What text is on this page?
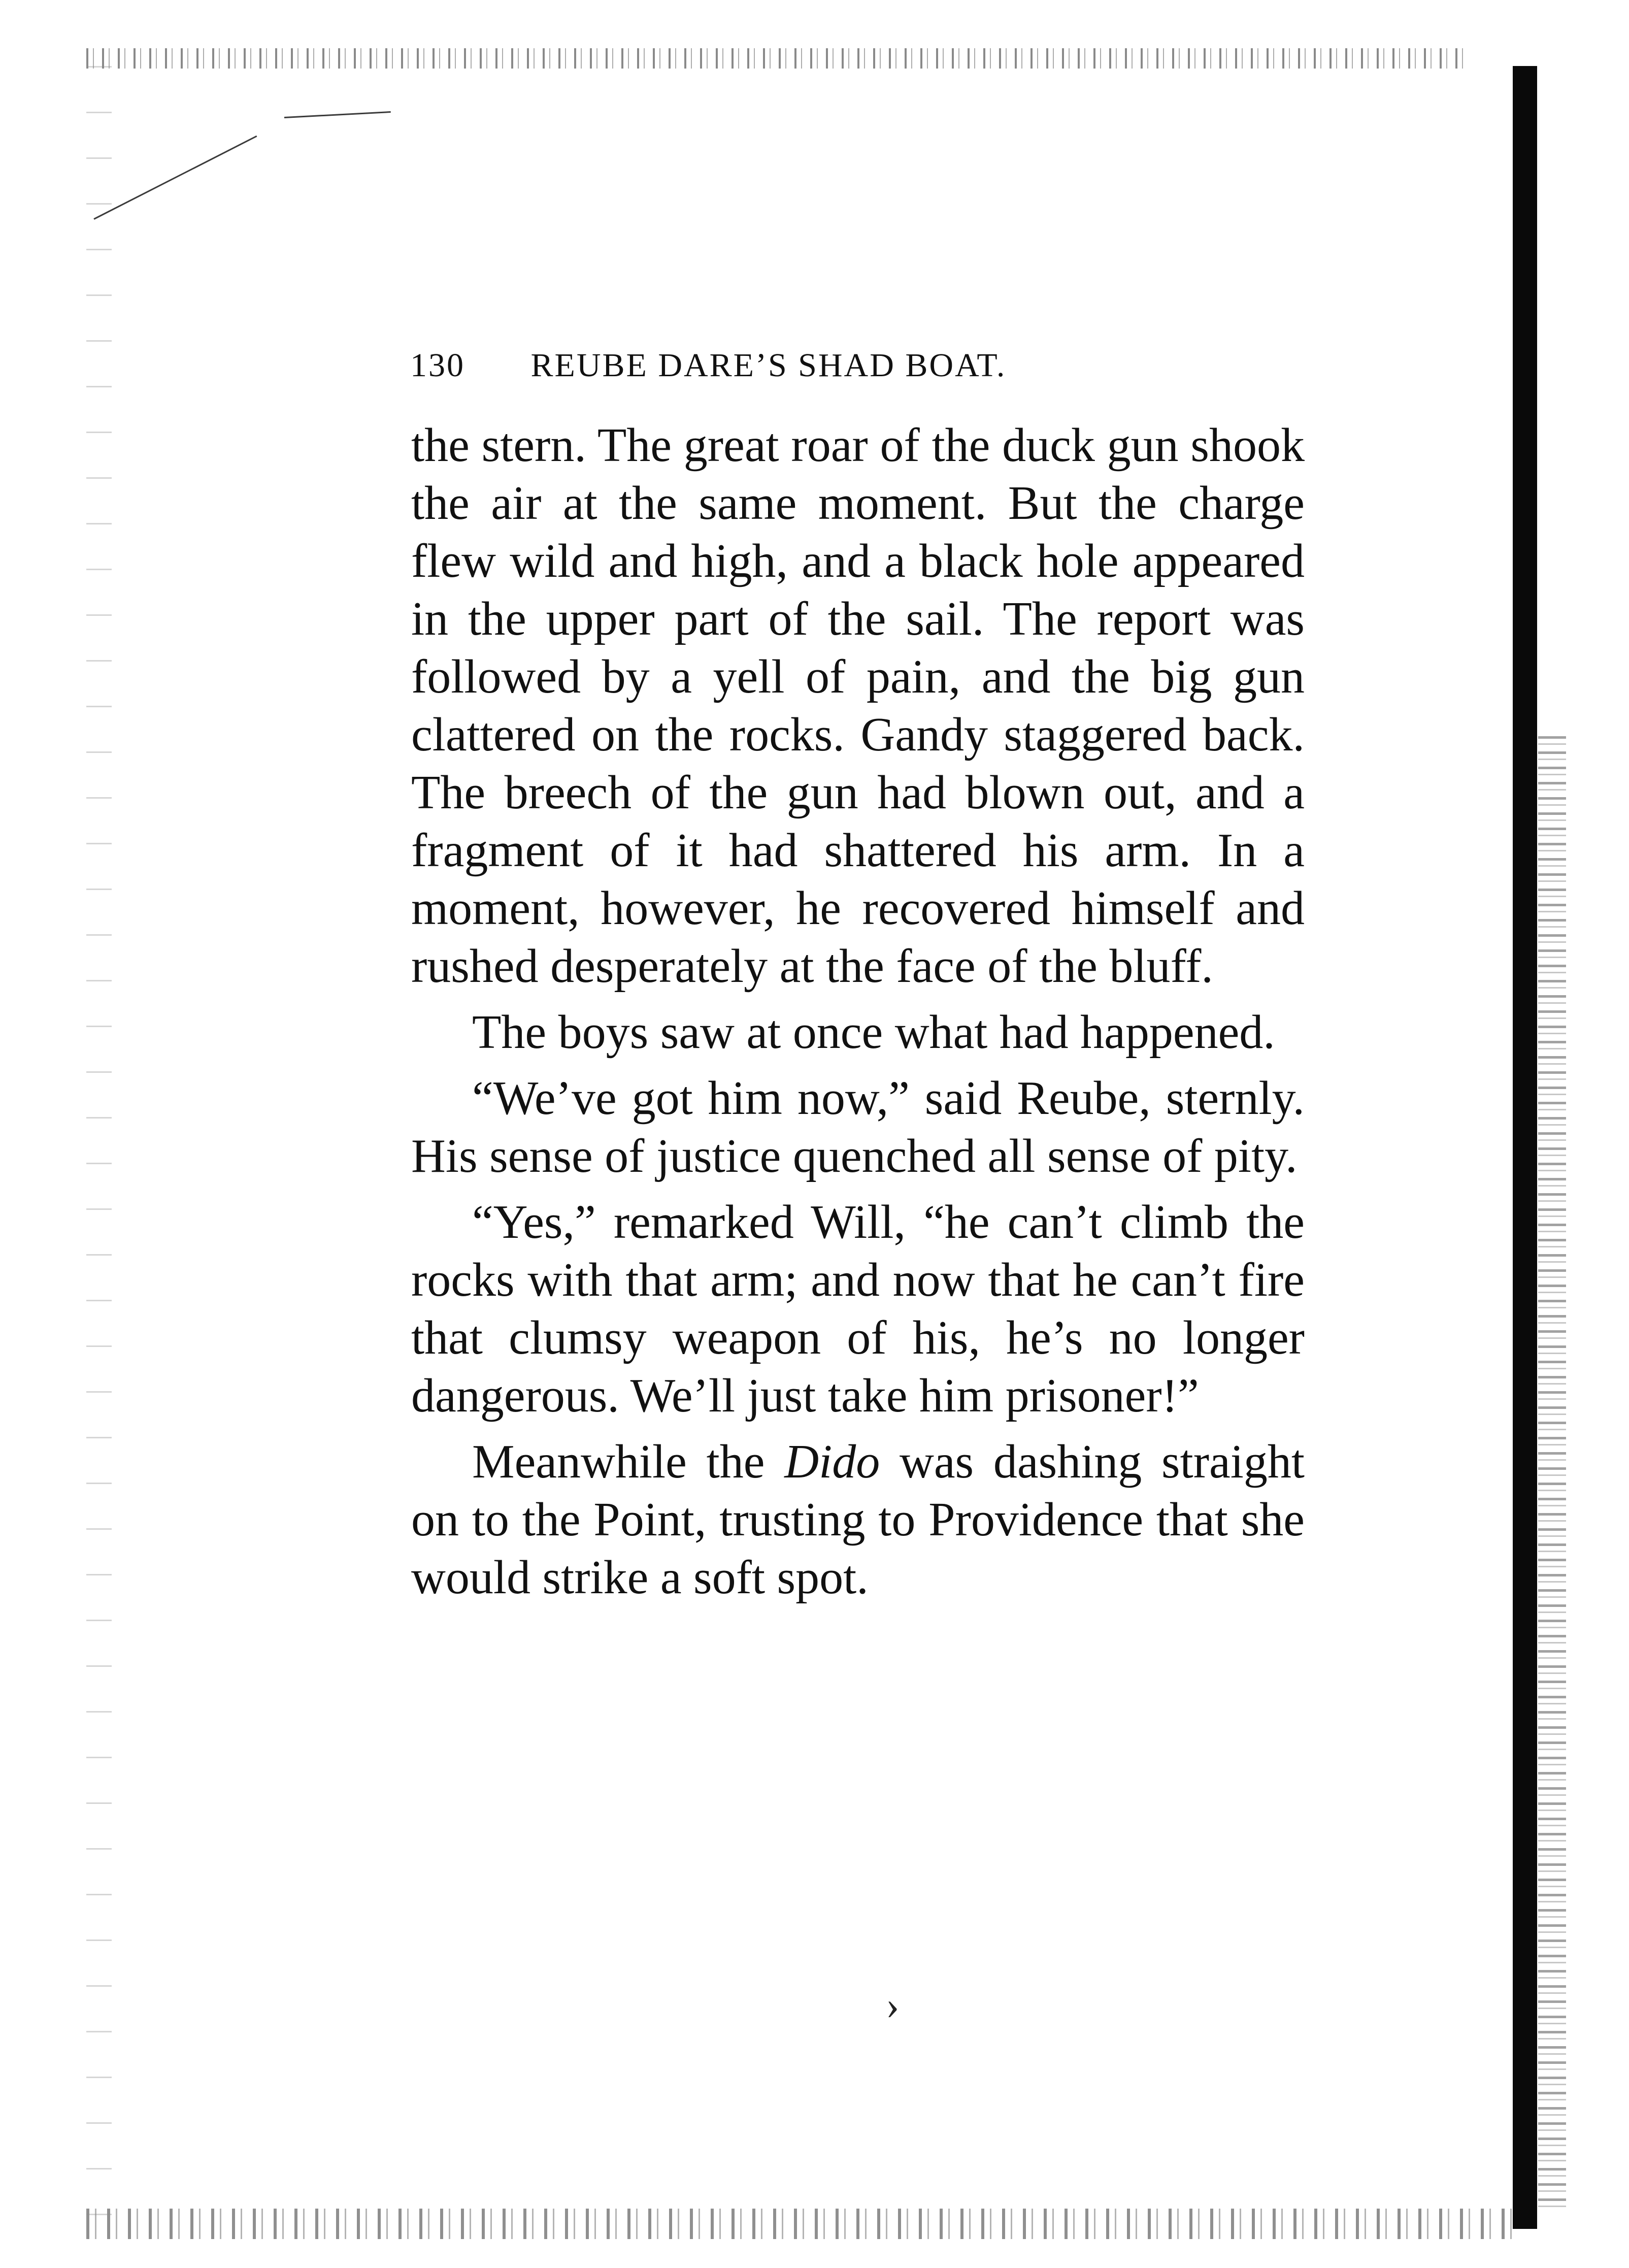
130 REUBE DARE’S SHAD BOAT.

the stern. The great roar of the duck gun shook the air at the same moment. But the charge flew wild and high, and a black hole appeared in the upper part of the sail. The report was followed by a yell of pain, and the big gun clattered on the rocks. Gandy staggered back. The breech of the gun had blown out, and a fragment of it had shattered his arm. In a moment, however, he recovered himself and rushed desperately at the face of the bluff.

The boys saw at once what had happened.

“We’ve got him now,” said Reube, sternly. His sense of justice quenched all sense of pity.

“Yes,” remarked Will, “he can’t climb the rocks with that arm; and now that he can’t fire that clumsy weapon of his, he’s no longer dangerous. We’ll just take him prisoner!”

Meanwhile the Dido was dashing straight on to the Point, trusting to Providence that she would strike a soft spot.

›
